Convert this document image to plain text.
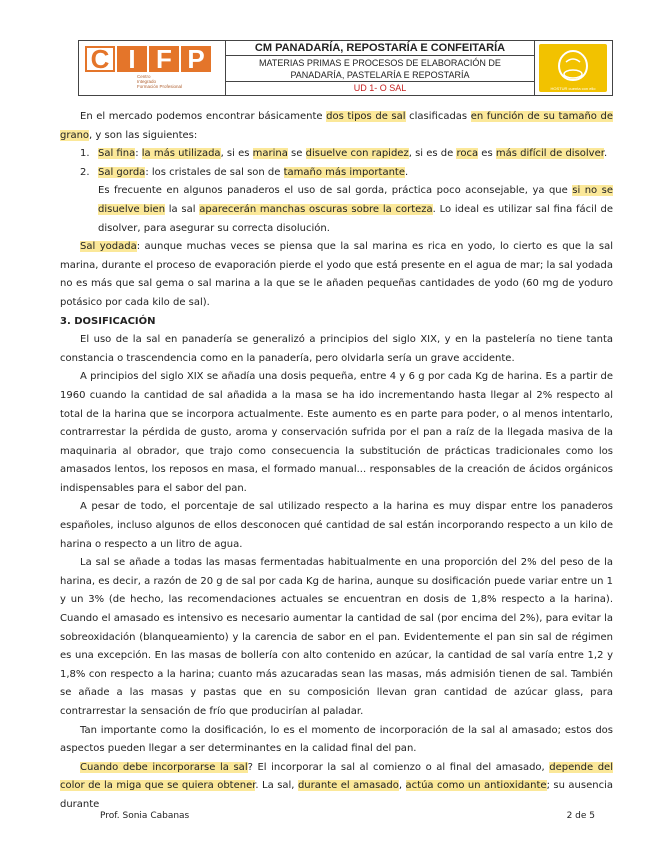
C I F P
Centro
Integrado
Formación Profesional
CM PANADARÍA, REPOSTARÍA E CONFEITARÍA
MATERIAS PRIMAS E PROCESOS DE ELABORACIÓN DE
PANADARÍA, PASTELARÍA E REPOSTARÍA
UD 1- O SAL	HOSTUR cuenta con ello

En el mercado podemos encontrar básicamente dos tipos de sal clasificadas en función de su tamaño de grano, y son las siguientes:

1. Sal fina: la más utilizada, si es marina se disuelve con rapidez, si es de roca es más difícil de disolver.
2. Sal gorda: los cristales de sal son de tamaño más importante.

Es frecuente en algunos panaderos el uso de sal gorda, práctica poco aconsejable, ya que si no se disuelve bien la sal aparecerán manchas oscuras sobre la corteza. Lo ideal es utilizar sal fina fácil de disolver, para asegurar su correcta disolución.

Sal yodada: aunque muchas veces se piensa que la sal marina es rica en yodo, lo cierto es que la sal marina, durante el proceso de evaporación pierde el yodo que está presente en el agua de mar; la sal yodada no es más que sal gema o sal marina a la que se le añaden pequeñas cantidades de yodo (60 mg de yoduro potásico por cada kilo de sal).

3. DOSIFICACIÓN

El uso de la sal en panadería se generalizó a principios del siglo XIX, y en la pastelería no tiene tanta constancia o trascendencia como en la panadería, pero olvidarla sería un grave accidente.

A principios del siglo XIX se añadía una dosis pequeña, entre 4 y 6 g por cada Kg de harina. Es a partir de 1960 cuando la cantidad de sal añadida a la masa se ha ido incrementando hasta llegar al 2% respecto al total de la harina que se incorpora actualmente. Este aumento es en parte para poder, o al menos intentarlo, contrarrestar la pérdida de gusto, aroma y conservación sufrida por el pan a raíz de la llegada masiva de la maquinaria al obrador, que trajo como consecuencia la substitución de prácticas tradicionales como los amasados lentos, los reposos en masa, el formado manual... responsables de la creación de ácidos orgánicos indispensables para el sabor del pan.

A pesar de todo, el porcentaje de sal utilizado respecto a la harina es muy dispar entre los panaderos españoles, incluso algunos de ellos desconocen qué cantidad de sal están incorporando respecto a un kilo de harina o respecto a un litro de agua.

La sal se añade a todas las masas fermentadas habitualmente en una proporción del 2% del peso de la harina, es decir, a razón de 20 g de sal por cada Kg de harina, aunque su dosificación puede variar entre un 1 y un 3% (de hecho, las recomendaciones actuales se encuentran en dosis de 1,8% respecto a la harina). Cuando el amasado es intensivo es necesario aumentar la cantidad de sal (por encima del 2%), para evitar la sobreoxidación (blanqueamiento) y la carencia de sabor en el pan. Evidentemente el pan sin sal de régimen es una excepción. En las masas de bollería con alto contenido en azúcar, la cantidad de sal varía entre 1,2 y 1,8% con respecto a la harina; cuanto más azucaradas sean las masas, más admisión tienen de sal. También se añade a las masas y pastas que en su composición llevan gran cantidad de azúcar glass, para contrarrestar la sensación de frío que producirían al paladar.

Tan importante como la dosificación, lo es el momento de incorporación de la sal al amasado; estos dos aspectos pueden llegar a ser determinantes en la calidad final del pan.

Cuando debe incorporarse la sal? El incorporar la sal al comienzo o al final del amasado, depende del color de la miga que se quiera obtener. La sal, durante el amasado, actúa como un antioxidante; su ausencia durante

Prof. Sonia Cabanas	2 de 5
